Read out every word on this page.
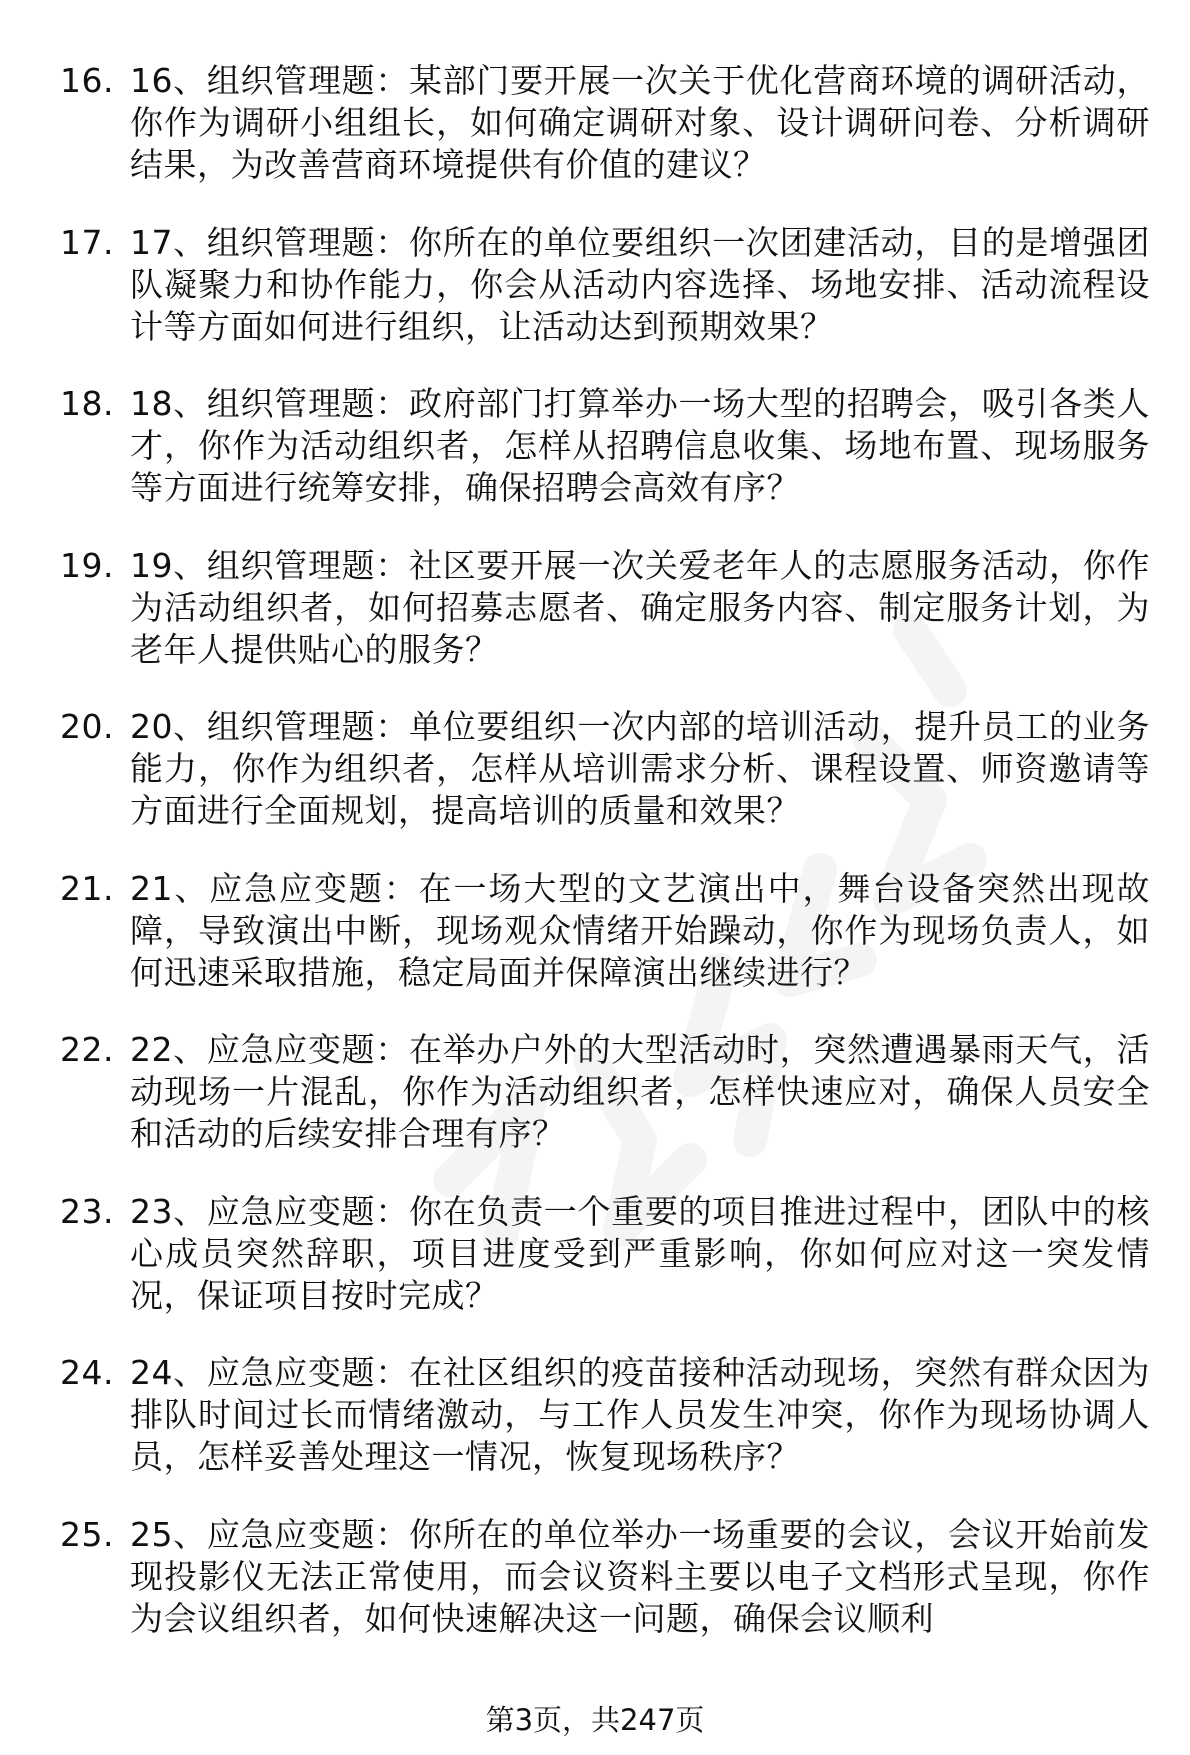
16. 16、组织管理题：某部门要开展一次关于优化营商环境的调研活动，你作为调研小组组长，如何确定调研对象、设计调研问卷、分析调研结果，为改善营商环境提供有价值的建议？
17. 17、组织管理题：你所在的单位要组织一次团建活动，目的是增强团队凝聚力和协作能力，你会从活动内容选择、场地安排、活动流程设计等方面如何进行组织，让活动达到预期效果？
18. 18、组织管理题：政府部门打算举办一场大型的招聘会，吸引各类人才，你作为活动组织者，怎样从招聘信息收集、场地布置、现场服务等方面进行统筹安排，确保招聘会高效有序？
19. 19、组织管理题：社区要开展一次关爱老年人的志愿服务活动，你作为活动组织者，如何招募志愿者、确定服务内容、制定服务计划，为老年人提供贴心的服务？
20. 20、组织管理题：单位要组织一次内部的培训活动，提升员工的业务能力，你作为组织者，怎样从培训需求分析、课程设置、师资邀请等方面进行全面规划，提高培训的质量和效果？
21. 21、应急应变题：在一场大型的文艺演出中，舞台设备突然出现故障，导致演出中断，现场观众情绪开始躁动，你作为现场负责人，如何迅速采取措施，稳定局面并保障演出继续进行？
22. 22、应急应变题：在举办户外的大型活动时，突然遭遇暴雨天气，活动现场一片混乱，你作为活动组织者，怎样快速应对，确保人员安全和活动的后续安排合理有序？
23. 23、应急应变题：你在负责一个重要的项目推进过程中，团队中的核心成员突然辞职，项目进度受到严重影响，你如何应对这一突发情况，保证项目按时完成？
24. 24、应急应变题：在社区组织的疫苗接种活动现场，突然有群众因为排队时间过长而情绪激动，与工作人员发生冲突，你作为现场协调人员，怎样妥善处理这一情况，恢复现场秩序？
25. 25、应急应变题：你所在的单位举办一场重要的会议，会议开始前发现投影仪无法正常使用，而会议资料主要以电子文档形式呈现，你作为会议组织者，如何快速解决这一问题，确保会议顺利
第3页，共247页
